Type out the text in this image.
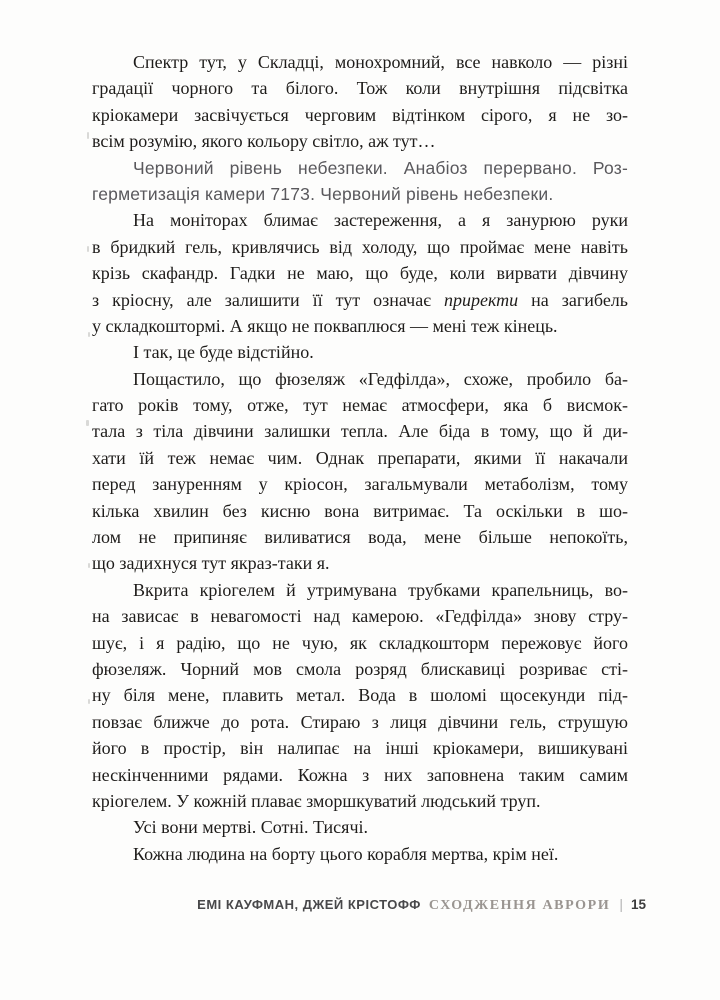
Спектр тут, у Складці, монохромний, все навколо — різні
градації чорного та білого. Тож коли внутрішня підсвітка
кріокамери засвічується черговим відтінком сірого, я не зо-
всім розумію, якого кольору світло, аж тут…
Червоний рівень небезпеки. Анабіоз перервано. Роз-
герметизація камери 7173. Червоний рівень небезпеки.
На моніторах блимає застереження, а я занурюю руки
в бридкий гель, кривлячись від холоду, що проймає мене навіть
крізь скафандр. Гадки не маю, що буде, коли вирвати дівчину
з кріосну, але залишити її тут означає приректи на загибель
у складкоштормі. А якщо не покваплюся — мені теж кінець.
І так, це буде відстійно.
Пощастило, що фюзеляж «Гедфілда», схоже, пробило ба-
гато років тому, отже, тут немає атмосфери, яка б висмок-
тала з тіла дівчини залишки тепла. Але біда в тому, що й ди-
хати їй теж немає чим. Однак препарати, якими її накачали
перед зануренням у кріосон, загальмували метаболізм, тому
кілька хвилин без кисню вона витримає. Та оскільки в шо-
лом не припиняє виливатися вода, мене більше непокоїть,
що задихнуся тут якраз-таки я.
Вкрита кріогелем й утримувана трубками крапельниць, во-
на зависає в невагомості над камерою. «Гедфілда» знову стру-
шує, і я радію, що не чую, як складкошторм пережовує його
фюзеляж. Чорний мов смола розряд блискавиці розриває сті-
ну біля мене, плавить метал. Вода в шоломі щосекунди під-
повзає ближче до рота. Стираю з лиця дівчини гель, струшую
його в простір, він налипає на інші кріокамери, вишикувані
нескінченними рядами. Кожна з них заповнена таким самим
кріогелем. У кожній плаває зморшкуватий людський труп.
Усі вони мертві. Сотні. Тисячі.
Кожна людина на борту цього корабля мертва, крім неї.
ЕМІ КАУФМАН, ДЖЕЙ КРІСТОФФ СХОДЖЕННЯ АВРОРИ | 15
